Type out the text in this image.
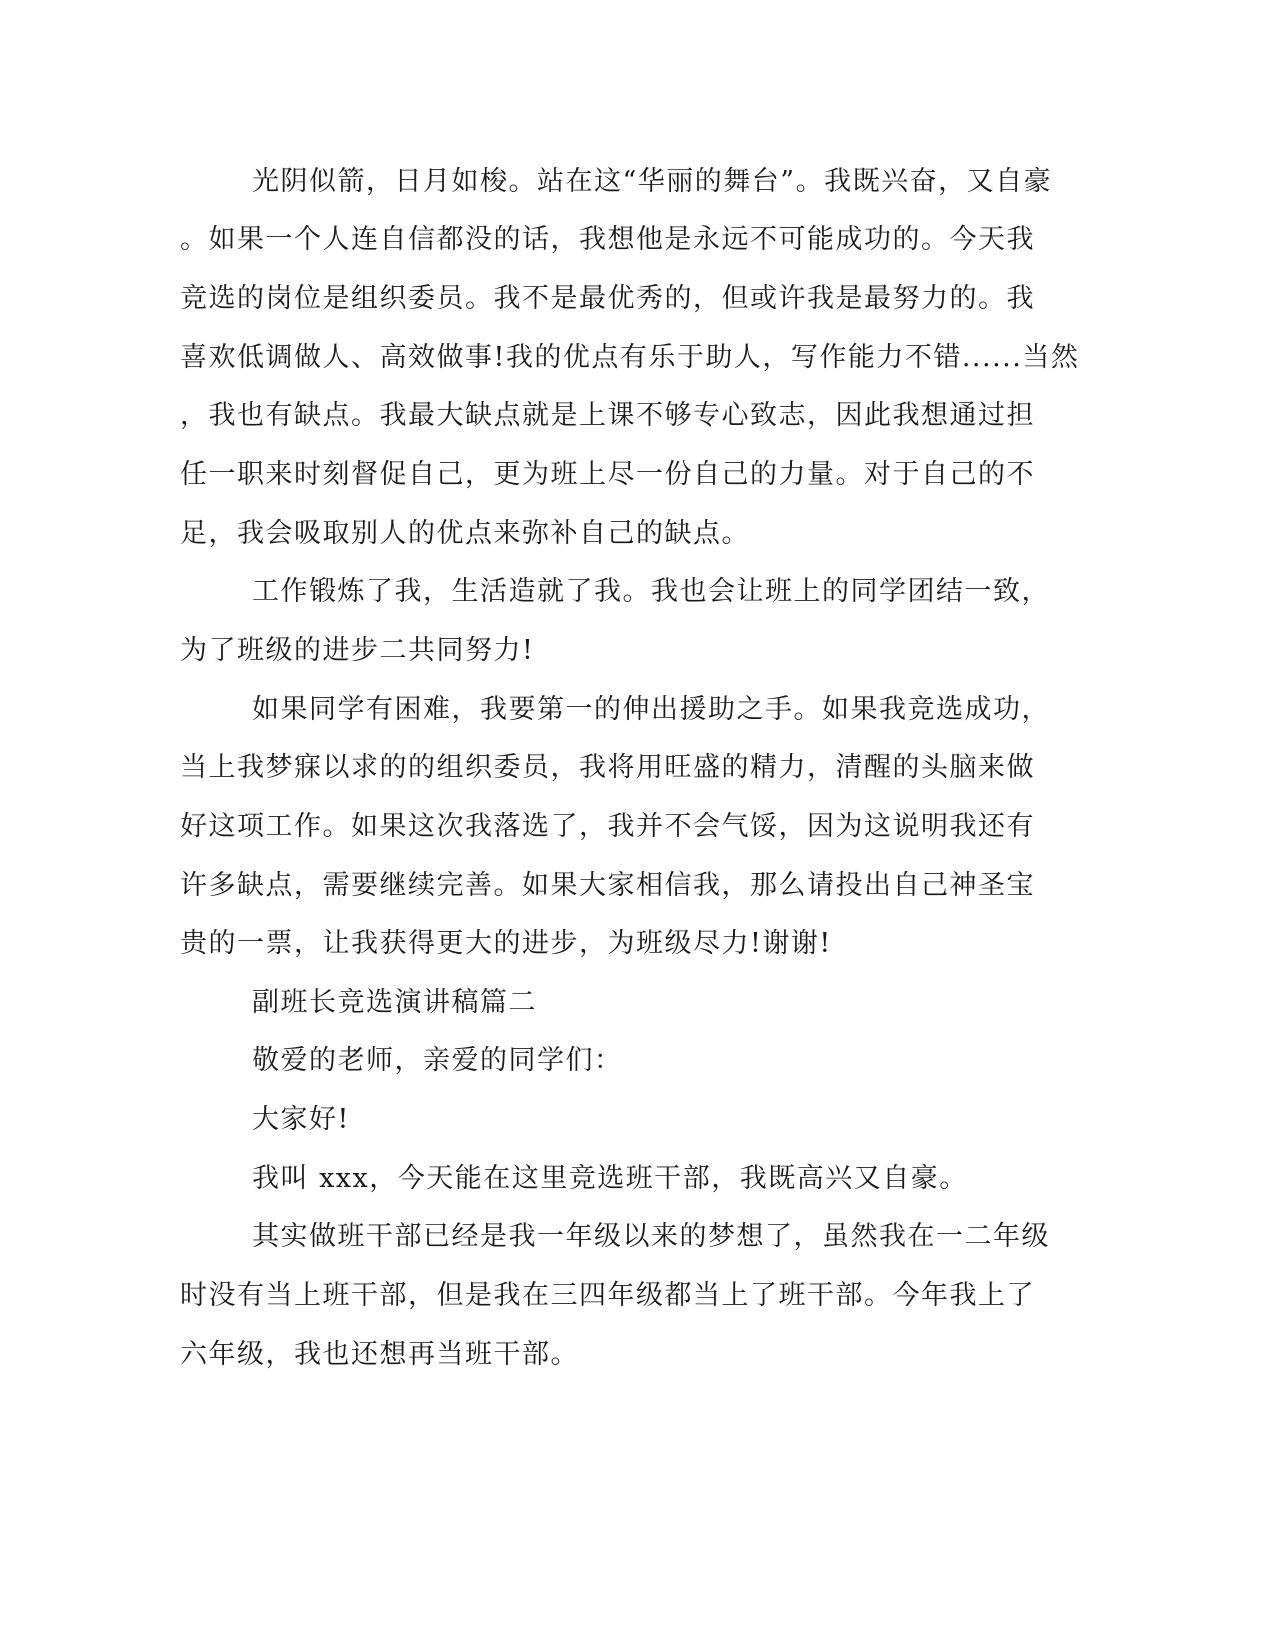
光阴似箭，日月如梭。站在这“华丽的舞台”。我既兴奋，又自豪
。如果一个人连自信都没的话，我想他是永远不可能成功的。今天我
竞选的岗位是组织委员。我不是最优秀的，但或许我是最努力的。我
喜欢低调做人、高效做事!我的优点有乐于助人，写作能力不错......当然
，我也有缺点。我最大缺点就是上课不够专心致志，因此我想通过担
任一职来时刻督促自己，更为班上尽一份自己的力量。对于自己的不
足，我会吸取别人的优点来弥补自己的缺点。
工作锻炼了我，生活造就了我。我也会让班上的同学团结一致，
为了班级的进步二共同努力!
如果同学有困难，我要第一的伸出援助之手。如果我竞选成功，
当上我梦寐以求的的组织委员，我将用旺盛的精力，清醒的头脑来做
好这项工作。如果这次我落选了，我并不会气馁，因为这说明我还有
许多缺点，需要继续完善。如果大家相信我，那么请投出自己神圣宝
贵的一票，让我获得更大的进步，为班级尽力!谢谢!
副班长竞选演讲稿篇二
敬爱的老师，亲爱的同学们：
大家好!
我叫 xxx，今天能在这里竞选班干部，我既高兴又自豪。
其实做班干部已经是我一年级以来的梦想了，虽然我在一二年级
时没有当上班干部，但是我在三四年级都当上了班干部。今年我上了
六年级，我也还想再当班干部。
